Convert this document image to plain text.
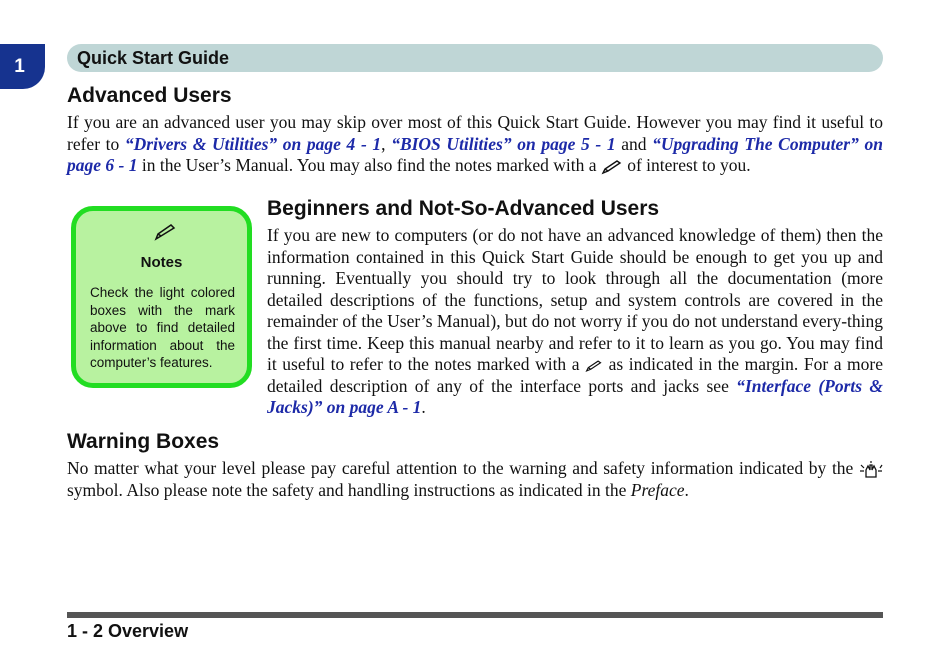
1	Quick Start Guide
Advanced Users

If you are an advanced user you may skip over most of this Quick Start Guide. However you may find it useful to refer to “Drivers & Utilities” on page 4 - 1, “BIOS Utilities” on page 5 - 1 and “Upgrading The Computer” on page 6 - 1 in the User’s Manual. You may also find the notes marked with a  of interest to you.

Notes

Check the light colored boxes with the mark above to find detailed information about the computer’s features.

Beginners and Not-So-Advanced Users

If you are new to computers (or do not have an advanced knowledge of them) then the information contained in this Quick Start Guide should be enough to get you up and running. Eventually you should try to look through all the documentation (more detailed descriptions of the functions, setup and system controls are covered in the remainder of the User’s Manual), but do not worry if you do not understand every-thing the first time. Keep this manual nearby and refer to it to learn as you go. You may find it useful to refer to the notes marked with a  as indicated in the margin. For a more detailed description of any of the interface ports and jacks see “Interface (Ports & Jacks)” on page A - 1.

Warning Boxes

No matter what your level please pay careful attention to the warning and safety information indicated by the  symbol. Also please note the safety and handling instructions as indicated in the Preface.

1 - 2 Overview
